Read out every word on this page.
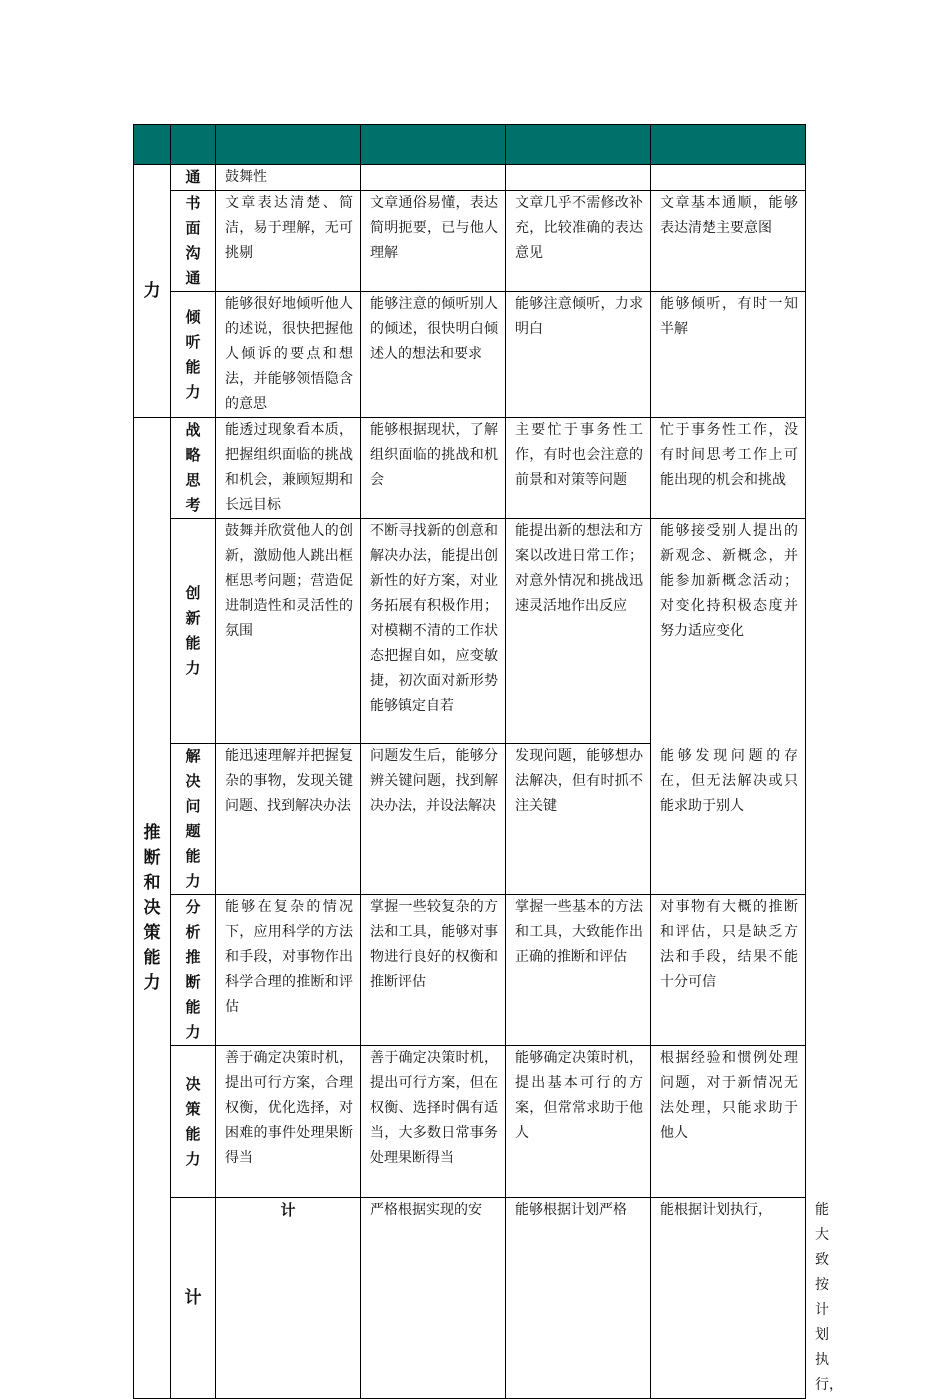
力	通	鼓舞性				

	书面沟通	文章表达清楚、简洁，易于理解，无可挑剔	文章通俗易懂，表达简明扼要，已与他人理解	文章几乎不需修改补充，比较准确的表达意见	文章基本通顺，能够表达清楚主要意图	

	倾听能力	能够很好地倾听他人的述说，很快把握他人倾诉的要点和想法，并能够领悟隐含的意思	能够注意的倾听别人的倾述，很快明白倾述人的想法和要求	能够注意倾听，力求明白	能够倾听，有时一知半解	

推断和决策能力	战略思考	能透过现象看本质，把握组织面临的挑战和机会，兼顾短期和长远目标	能够根据现状，了解组织面临的挑战和机会	主要忙于事务性工作，有时也会注意的前景和对策等问题	忙于事务性工作，没有时间思考工作上可能出现的机会和挑战	

	创新能力	鼓舞并欣赏他人的创新，激励他人跳出框框思考问题；营造促进制造性和灵活性的氛围	不断寻找新的创意和解决办法，能提出创新性的好方案，对业务拓展有积极作用；对模糊不清的工作状态把握自如，应变敏捷，初次面对新形势能够镇定自若	能提出新的想法和方案以改进日常工作；对意外情况和挑战迅速灵活地作出反应	能够接受别人提出的新观念、新概念，并能参加新概念活动；对变化持积极态度并努力适应变化	

	解决问题能力	能迅速理解并把握复杂的事物，发现关键问题、找到解决办法	问题发生后，能够分辨关键问题，找到解决办法，并设法解决	发现问题，能够想办法解决，但有时抓不注关键	能够发现问题的存在，但无法解决或只能求助于别人	

	分析推断能力	能够在复杂的情况下，应用科学的方法和手段，对事物作出科学合理的推断和评估	掌握一些较复杂的方法和工具，能够对事物进行良好的权衡和推断评估	掌握一些基本的方法和工具，大致能作出正确的推断和评估	对事物有大概的推断和评估，只是缺乏方法和手段，结果不能十分可信	

	决策能力	善于确定决策时机，提出可行方案，合理权衡，优化选择，对困难的事件处理果断得当	善于确定决策时机，提出可行方案，但在权衡、选择时偶有适当，大多数日常事务处理果断得当	能够确定决策时机，提出基本可行的方案，但常常求助于他人	根据经验和惯例处理问题，对于新情况无法处理，只能求助于他人	

	计	计	严格根据实现的安	能够根据计划严格	能根据计划执行，	能大致按计划执行，
